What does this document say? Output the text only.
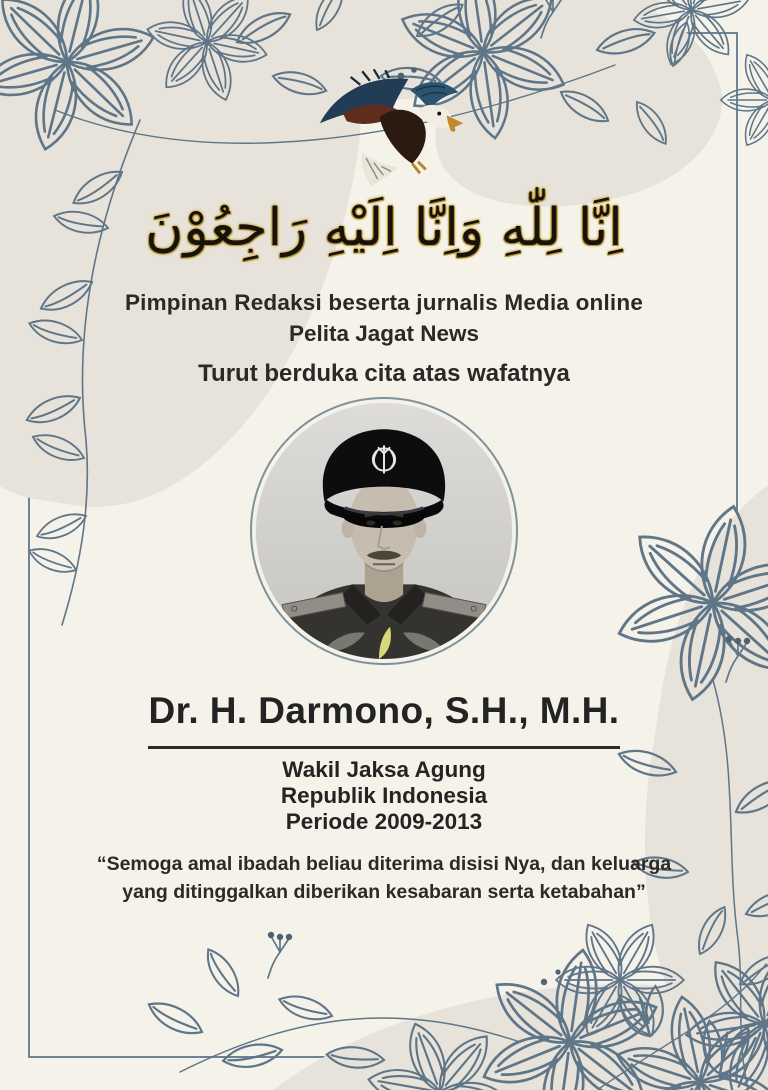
اِنَّا لِلّٰهِ وَاِنَّا اِلَيْهِ رَاجِعُوْنَ
Pimpinan Redaksi beserta jurnalis Media online
Pelita Jagat News
Turut berduka cita atas wafatnya
Dr. H. Darmono, S.H., M.H.
Wakil Jaksa Agung
Republik Indonesia
Periode 2009-2013
“Semoga amal ibadah beliau diterima disisi Nya, dan keluarga
yang ditinggalkan diberikan kesabaran serta ketabahan”
